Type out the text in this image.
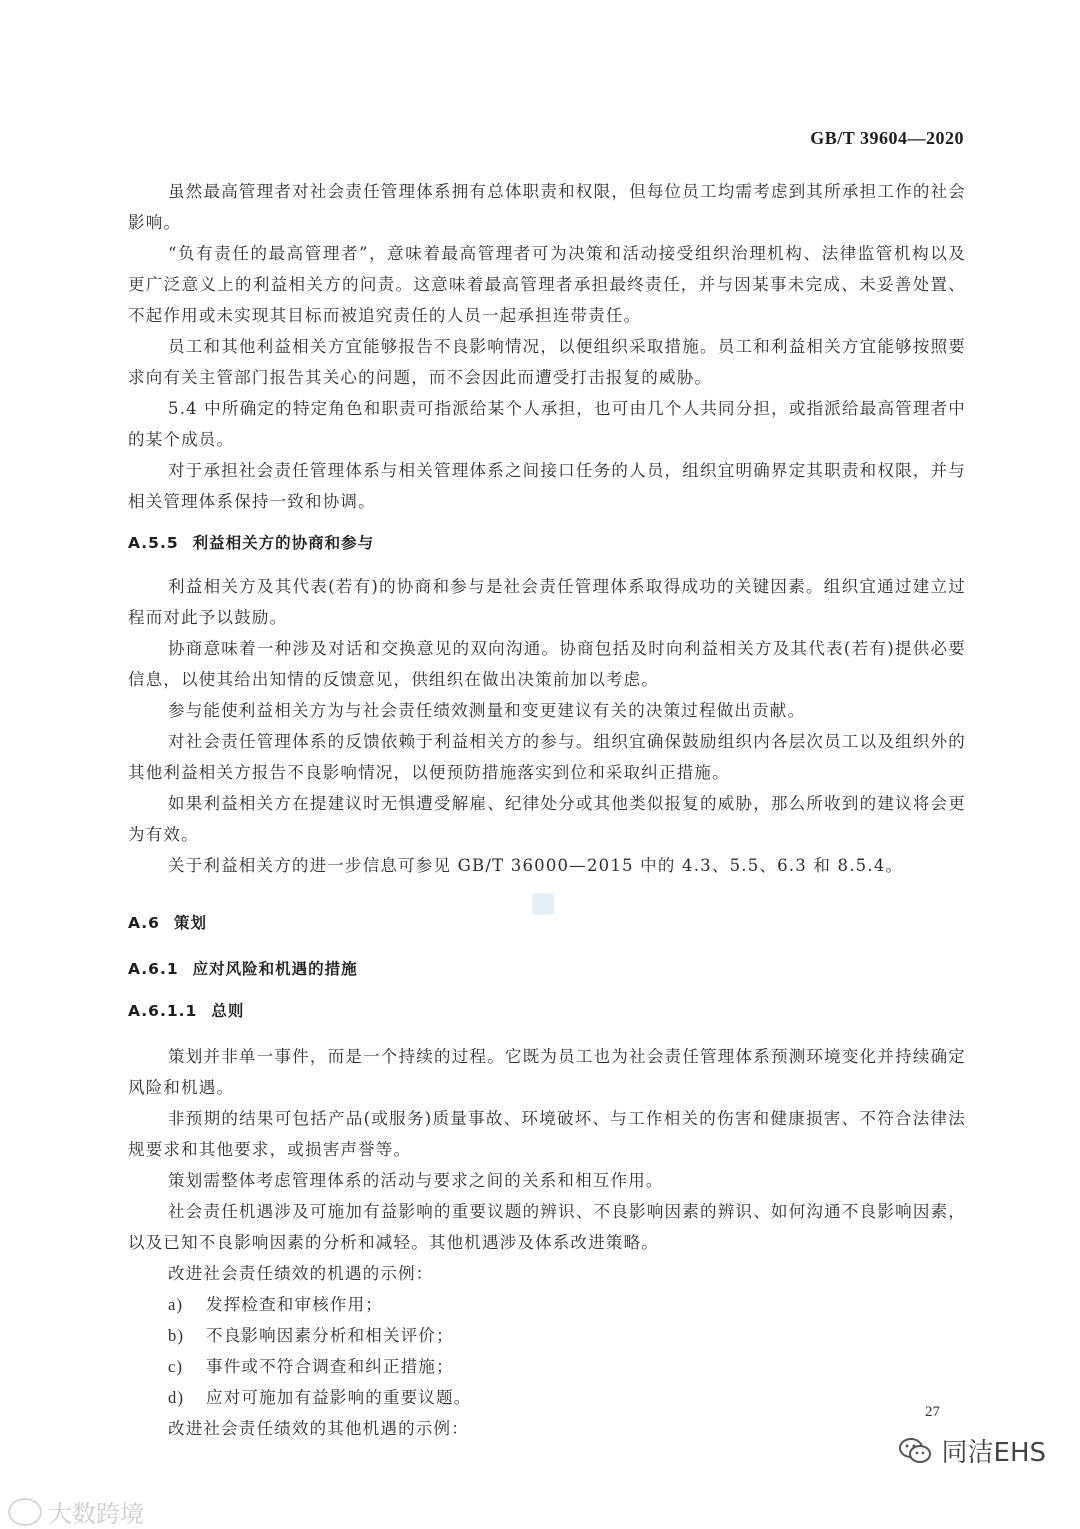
GB/T 39604—2020

虽然最高管理者对社会责任管理体系拥有总体职责和权限，但每位员工均需考虑到其所承担工作的社会影响。

“负有责任的最高管理者”，意味着最高管理者可为决策和活动接受组织治理机构、法律监管机构以及更广泛意义上的利益相关方的问责。这意味着最高管理者承担最终责任，并与因某事未完成、未妥善处置、不起作用或未实现其目标而被追究责任的人员一起承担连带责任。

员工和其他利益相关方宜能够报告不良影响情况，以便组织采取措施。员工和利益相关方宜能够按照要求向有关主管部门报告其关心的问题，而不会因此而遭受打击报复的威胁。

5.4 中所确定的特定角色和职责可指派给某个人承担，也可由几个人共同分担，或指派给最高管理者中的某个成员。

对于承担社会责任管理体系与相关管理体系之间接口任务的人员，组织宜明确界定其职责和权限，并与相关管理体系保持一致和协调。

A.5.5 利益相关方的协商和参与

利益相关方及其代表(若有)的协商和参与是社会责任管理体系取得成功的关键因素。组织宜通过建立过程而对此予以鼓励。

协商意味着一种涉及对话和交换意见的双向沟通。协商包括及时向利益相关方及其代表(若有)提供必要信息，以使其给出知情的反馈意见，供组织在做出决策前加以考虑。

参与能使利益相关方为与社会责任绩效测量和变更建议有关的决策过程做出贡献。

对社会责任管理体系的反馈依赖于利益相关方的参与。组织宜确保鼓励组织内各层次员工以及组织外的其他利益相关方报告不良影响情况，以便预防措施落实到位和采取纠正措施。

如果利益相关方在提建议时无惧遭受解雇、纪律处分或其他类似报复的威胁，那么所收到的建议将会更为有效。

关于利益相关方的进一步信息可参见 GB/T 36000—2015 中的 4.3、5.5、6.3 和 8.5.4。

A.6 策划
A.6.1 应对风险和机遇的措施
A.6.1.1 总则

策划并非单一事件，而是一个持续的过程。它既为员工也为社会责任管理体系预测环境变化并持续确定风险和机遇。

非预期的结果可包括产品(或服务)质量事故、环境破坏、与工作相关的伤害和健康损害、不符合法律法规要求和其他要求，或损害声誉等。

策划需整体考虑管理体系的活动与要求之间的关系和相互作用。

社会责任机遇涉及可施加有益影响的重要议题的辨识、不良影响因素的辨识、如何沟通不良影响因素，以及已知不良影响因素的分析和减轻。其他机遇涉及体系改进策略。

改进社会责任绩效的机遇的示例：

a) 发挥检查和审核作用；
b) 不良影响因素分析和相关评价；
c) 事件或不符合调查和纠正措施；
d) 应对可施加有益影响的重要议题。

改进社会责任绩效的其他机遇的示例：

27
同洁EHS
大数跨境
